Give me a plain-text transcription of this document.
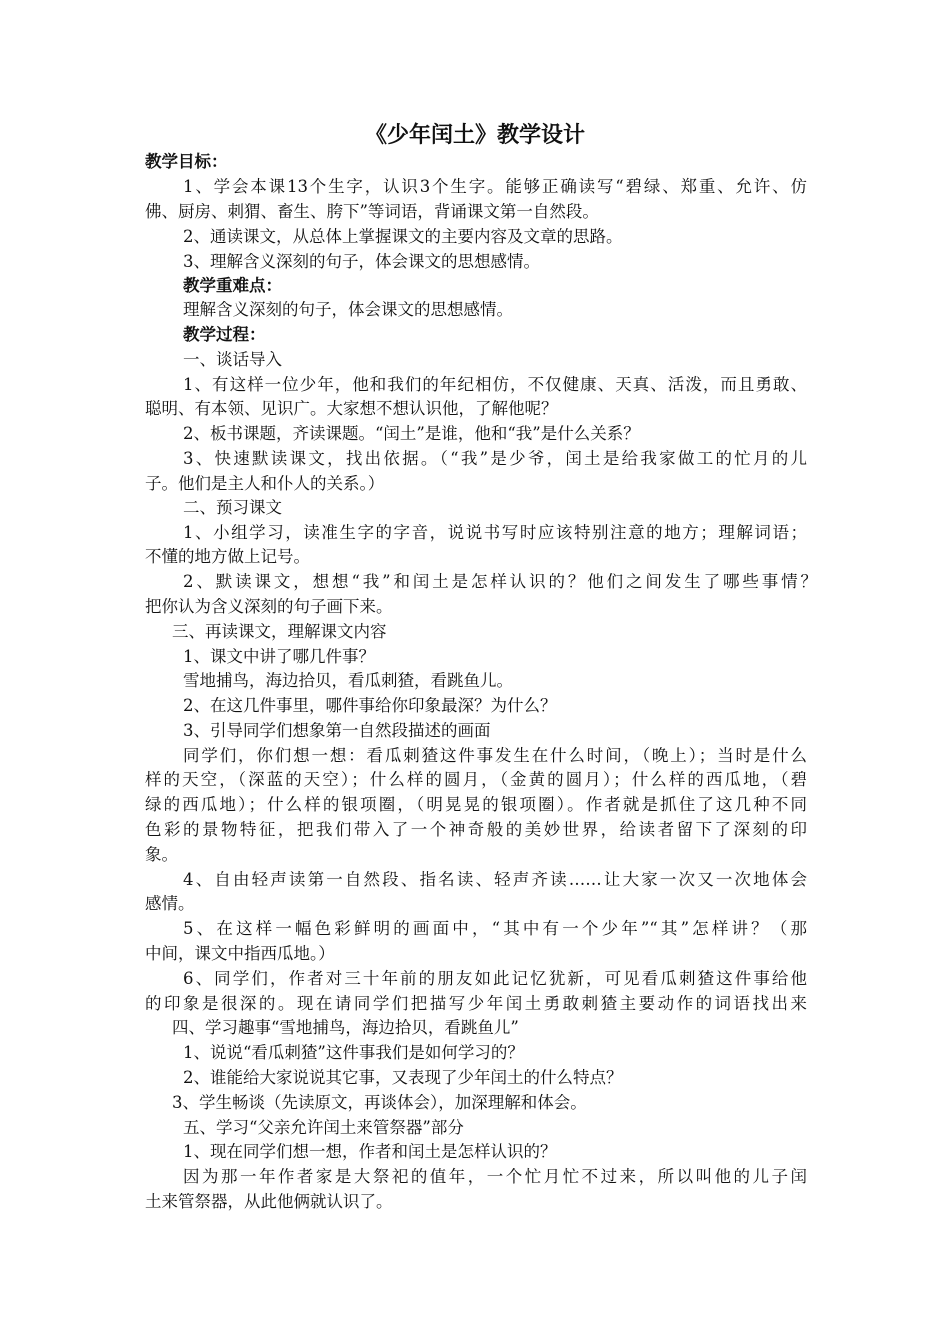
《少年闰土》教学设计
教学目标：
1、学会本课13个生字，认识3个生字。能够正确读写“碧绿、郑重、允许、仿
佛、厨房、刺猬、畜生、胯下”等词语，背诵课文第一自然段。
2、通读课文，从总体上掌握课文的主要内容及文章的思路。
3、理解含义深刻的句子，体会课文的思想感情。
教学重难点：
理解含义深刻的句子，体会课文的思想感情。
教学过程：
一、谈话导入
1、有这样一位少年，他和我们的年纪相仿，不仅健康、天真、活泼，而且勇敢、
聪明、有本领、见识广。大家想不想认识他，了解他呢？
2、板书课题，齐读课题。“闰土”是谁，他和“我”是什么关系？
3、快速默读课文，找出依据。（“我”是少爷，闰土是给我家做工的忙月的儿
子。他们是主人和仆人的关系。）
二、预习课文
1、小组学习，读准生字的字音，说说书写时应该特别注意的地方；理解词语；
不懂的地方做上记号。
2、默读课文，想想“我”和闰土是怎样认识的？他们之间发生了哪些事情？
把你认为含义深刻的句子画下来。
三、再读课文，理解课文内容
1、课文中讲了哪几件事？
雪地捕鸟，海边拾贝，看瓜刺猹，看跳鱼儿。
2、在这几件事里，哪件事给你印象最深？为什么？
3、引导同学们想象第一自然段描述的画面
同学们，你们想一想：看瓜刺猹这件事发生在什么时间，（晚上）；当时是什么
样的天空，（深蓝的天空）；什么样的圆月，（金黄的圆月）；什么样的西瓜地，（碧
绿的西瓜地）；什么样的银项圈，（明晃晃的银项圈）。作者就是抓住了这几种不同
色彩的景物特征，把我们带入了一个神奇般的美妙世界，给读者留下了深刻的印
象。
4、自由轻声读第一自然段、指名读、轻声齐读……让大家一次又一次地体会
感情。
5、在这样一幅色彩鲜明的画面中，“其中有一个少年”“其”怎样讲？（那
中间，课文中指西瓜地。）
6、同学们，作者对三十年前的朋友如此记忆犹新，可见看瓜刺猹这件事给他
的印象是很深的。现在请同学们把描写少年闰土勇敢刺猹主要动作的词语找出来
四、学习趣事“雪地捕鸟，海边拾贝，看跳鱼儿”
1、说说“看瓜刺猹”这件事我们是如何学习的？
2、谁能给大家说说其它事，又表现了少年闰土的什么特点？
3、学生畅谈（先读原文，再谈体会），加深理解和体会。
五、学习“父亲允许闰土来管祭器”部分
1、现在同学们想一想，作者和闰土是怎样认识的？
因为那一年作者家是大祭祀的值年，一个忙月忙不过来，所以叫他的儿子闰
土来管祭器，从此他俩就认识了。
